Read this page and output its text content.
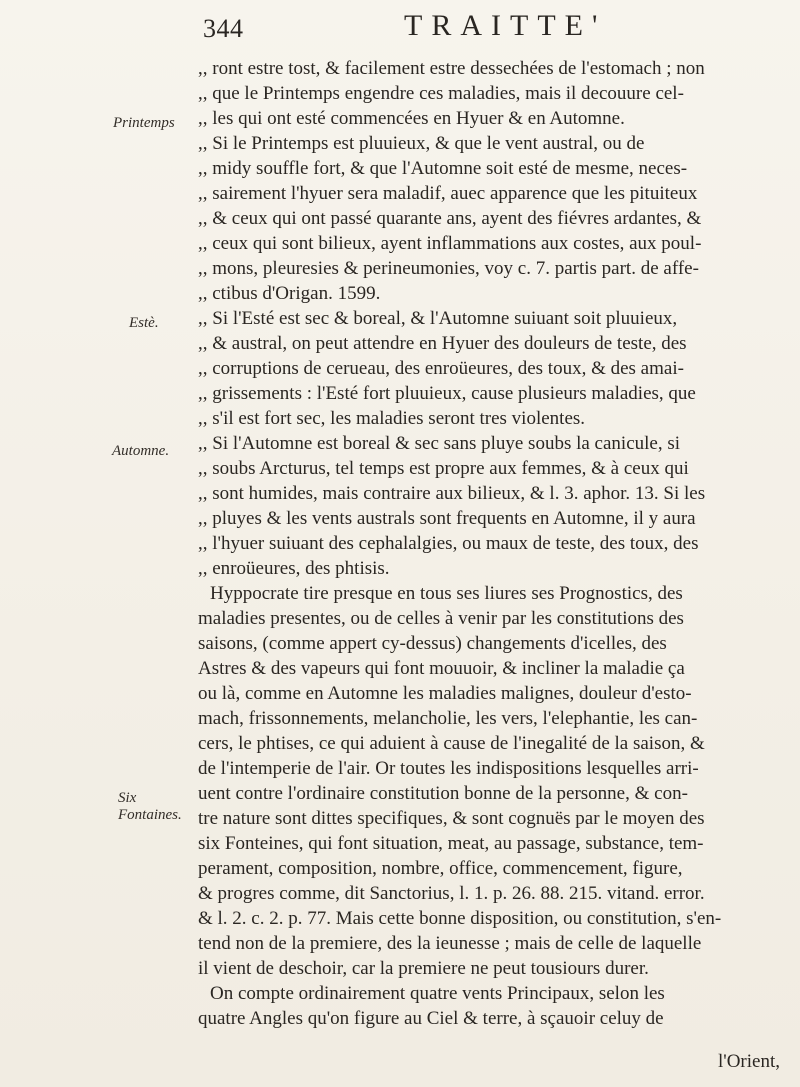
344	TRAITTE'
Printemps
Estè.
Automne.
Six Fontaines.
,, ront estre tost, & facilement estre dessechées de l'estomach ; non
,, que le Printemps engendre ces maladies, mais il decouure cel-
,, les qui ont esté commencées en Hyuer & en Automne.
,, Si le Printemps est pluuieux, & que le vent austral, ou de
,, midy souffle fort, & que l'Automne soit esté de mesme, neces-
,, sairement l'hyuer sera maladif, auec apparence que les pituiteux
,, & ceux qui ont passé quarante ans, ayent des fiévres ardantes, &
,, ceux qui sont bilieux, ayent inflammations aux costes, aux poul-
,, mons, pleuresies & perineumonies, voy c. 7. partis part. de affe-
,, ctibus d'Origan. 1599.
,, Si l'Esté est sec & boreal, & l'Automne suiuant soit pluuieux,
,, & austral, on peut attendre en Hyuer des douleurs de teste, des
,, corruptions de cerueau, des enroüeures, des toux, & des amai-
,, grissements : l'Esté fort pluuieux, cause plusieurs maladies, que
,, s'il est fort sec, les maladies seront tres violentes.
,, Si l'Automne est boreal & sec sans pluye soubs la canicule, si
,, soubs Arcturus, tel temps est propre aux femmes, & à ceux qui
,, sont humides, mais contraire aux bilieux, & l. 3. aphor. 13. Si les
,, pluyes & les vents australs sont frequents en Automne, il y aura
,, l'hyuer suiuant des cephalalgies, ou maux de teste, des toux, des
,, enroüeures, des phtisis.
Hyppocrate tire presque en tous ses liures ses Prognostics, des
maladies presentes, ou de celles à venir par les constitutions des
saisons, (comme appert cy-dessus) changements d'icelles, des
Astres & des vapeurs qui font mouuoir, & incliner la maladie ça
ou là, comme en Automne les maladies malignes, douleur d'esto-
mach, frissonnements, melancholie, les vers, l'elephantie, les can-
cers, le phtises, ce qui aduient à cause de l'inegalité de la saison, &
de l'intemperie de l'air. Or toutes les indispositions lesquelles arri-
uent contre l'ordinaire constitution bonne de la personne, & con-
tre nature sont dittes specifiques, & sont cognuës par le moyen des
six Fonteines, qui font situation, meat, au passage, substance, tem-
perament, composition, nombre, office, commencement, figure,
& progres comme, dit Sanctorius, l. 1. p. 26. 88. 215. vitand. error.
& l. 2. c. 2. p. 77. Mais cette bonne disposition, ou constitution, s'en-
tend non de la premiere, des la ieunesse ; mais de celle de laquelle
il vient de deschoir, car la premiere ne peut tousiours durer.
On compte ordinairement quatre vents Principaux, selon les
quatre Angles qu'on figure au Ciel & terre, à sçauoir celuy de
l'Orient,
